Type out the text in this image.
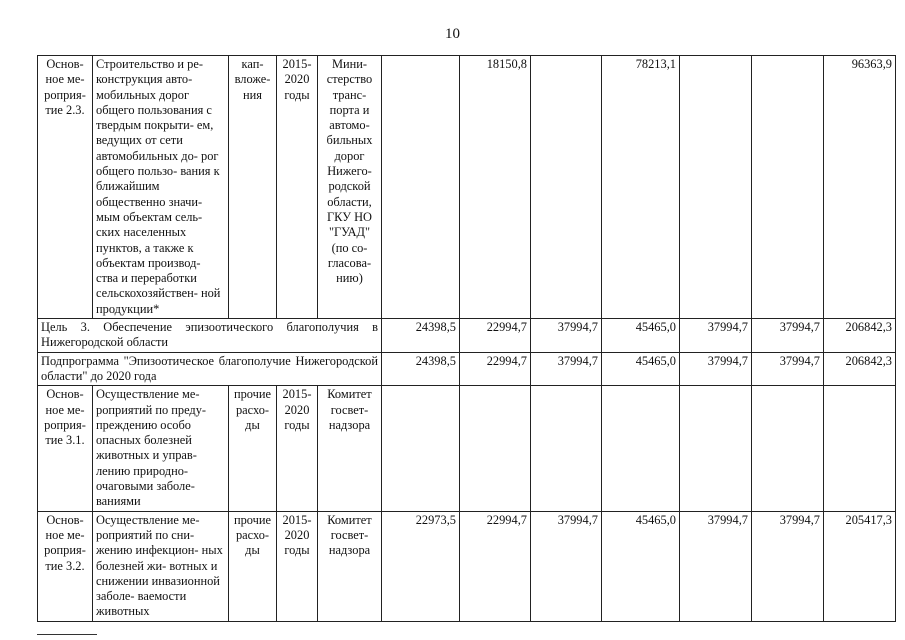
10
Основ- ное ме- роприя- тие 2.3.	Строительство и ре- конструкция авто- мобильных дорог общего пользования с твердым покрыти- ем, ведущих от сети автомобильных до- рог общего пользо- вания к ближайшим общественно значи- мым объектам сель- ских населенных пунктов, а также к объектам производ- ства и переработки сельскохозяйствен- ной продукции*	кап- вложе- ния	2015- 2020 годы	Мини- стерство транс- порта и автомо- бильных дорог Нижего- родской области, ГКУ НО "ГУАД" (по со- гласова- нию)		18150,8		78213,1			96363,9
Цель 3. Обеспечение эпизоотического благополучия в Нижегородской области					24398,5	22994,7	37994,7	45465,0	37994,7	37994,7	206842,3
Подпрограмма "Эпизоотическое благополучие Нижегородской области" до 2020 года					24398,5	22994,7	37994,7	45465,0	37994,7	37994,7	206842,3
Основ- ное ме- роприя- тие 3.1.	Осуществление ме- роприятий по преду- преждению особо опасных болезней животных и управ- лению природно- очаговыми заболе- ваниями	прочие расхо- ды	2015- 2020 годы	Комитет госвет- надзора							
Основ- ное ме- роприя- тие 3.2.	Осуществление ме- роприятий по сни- жению инфекцион- ных болезней жи- вотных и снижении инвазионной заболе- ваемости животных	прочие расхо- ды	2015- 2020 годы	Комитет госвет- надзора	22973,5	22994,7	37994,7	45465,0	37994,7	37994,7	205417,3
